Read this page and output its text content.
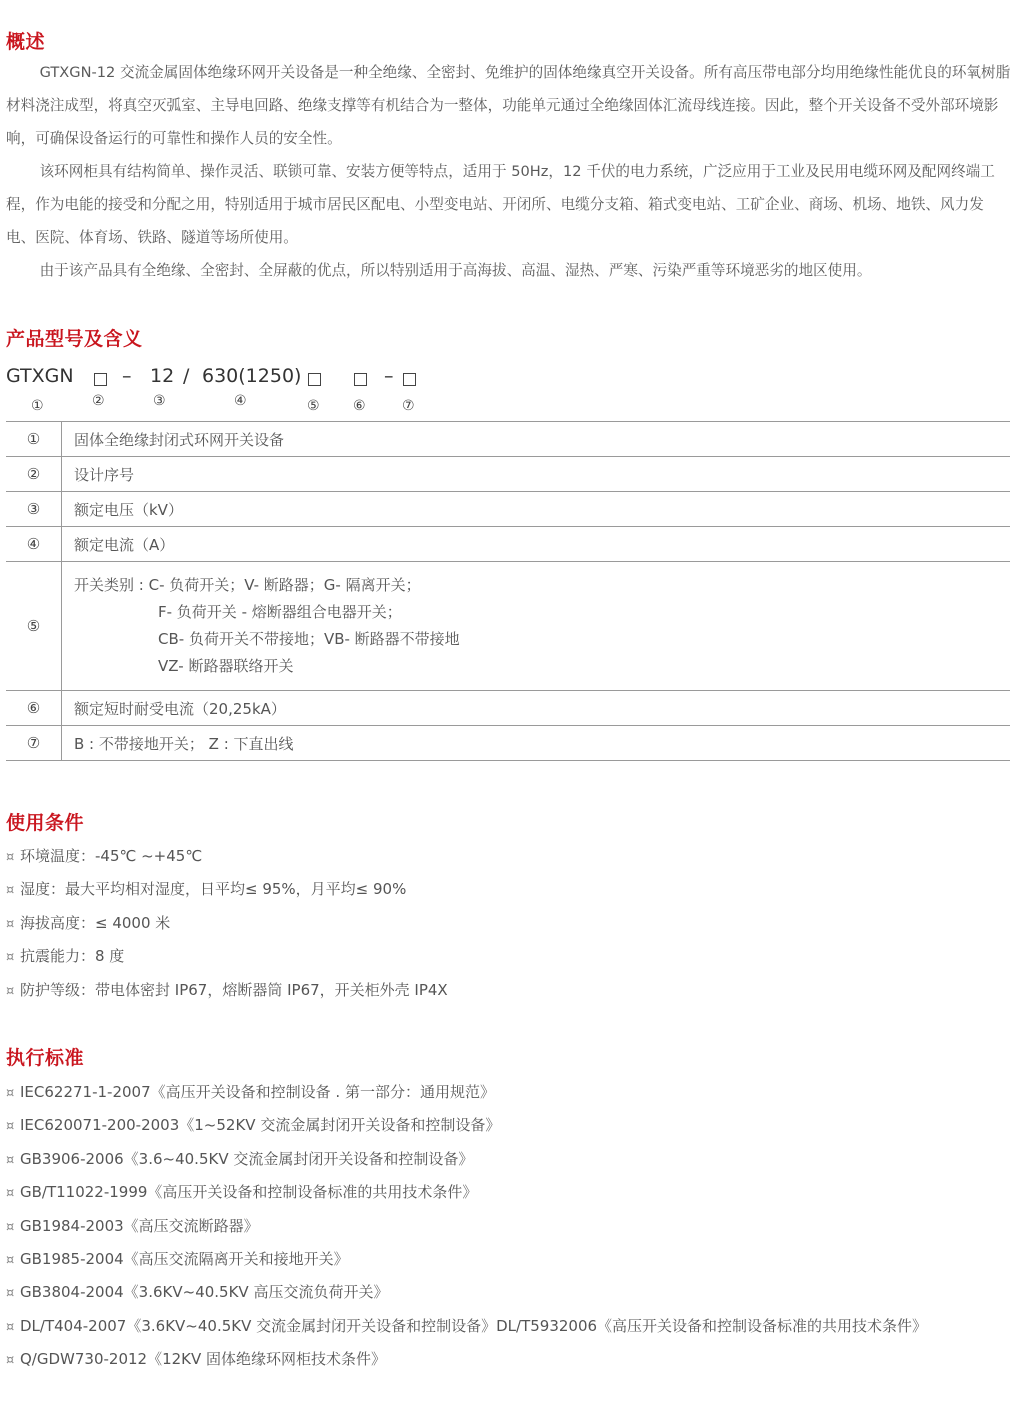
概述

GTXGN-12 交流金属固体绝缘环网开关设备是一种全绝缘、全密封、免维护的固体绝缘真空开关设备。所有高压带电部分均用绝缘性能优良的环氧树脂材料浇注成型，将真空灭弧室、主导电回路、绝缘支撑等有机结合为一整体，功能单元通过全绝缘固体汇流母线连接。因此，整个开关设备不受外部环境影响，可确保设备运行的可靠性和操作人员的安全性。

该环网柜具有结构简单、操作灵活、联锁可靠、安装方便等特点，适用于 50Hz，12 千伏的电力系统，广泛应用于工业及民用电缆环网及配网终端工程，作为电能的接受和分配之用，特别适用于城市居民区配电、小型变电站、开闭所、电缆分支箱、箱式变电站、工矿企业、商场、机场、地铁、风力发电、医院、体育场、铁路、隧道等场所使用。

由于该产品具有全绝缘、全密封、全屏蔽的优点，所以特别适用于高海拔、高温、湿热、严寒、污染严重等环境恶劣的地区使用。

产品型号及含义
GTXGN	– 12 / 630(1250)	–
①	②	③	④	⑤ ⑥	⑦
①	固体全绝缘封闭式环网开关设备
②	设计序号
③	额定电压（kV）
④	额定电流（A）
⑤	开关类别 : C- 负荷开关；V- 断路器；G- 隔离开关；
F- 负荷开关 - 熔断器组合电器开关；
CB- 负荷开关不带接地；VB- 断路器不带接地
VZ- 断路器联络开关

⑥	额定短时耐受电流（20,25kA）
⑦	B : 不带接地开关； Z : 下直出线
使用条件
¤ 环境温度：-45℃ ~+45℃
¤ 湿度：最大平均相对湿度，日平均≤ 95%，月平均≤ 90%
¤ 海拔高度：≤ 4000 米
¤ 抗震能力：8 度
¤ 防护等级：带电体密封 IP67，熔断器筒 IP67，开关柜外壳 IP4X
执行标准
¤ IEC62271-1-2007《高压开关设备和控制设备 . 第一部分：通用规范》
¤ IEC620071-200-2003《1~52KV 交流金属封闭开关设备和控制设备》
¤ GB3906-2006《3.6~40.5KV 交流金属封闭开关设备和控制设备》
¤ GB/T11022-1999《高压开关设备和控制设备标准的共用技术条件》
¤ GB1984-2003《高压交流断路器》
¤ GB1985-2004《高压交流隔离开关和接地开关》
¤ GB3804-2004《3.6KV~40.5KV 高压交流负荷开关》
¤ DL/T404-2007《3.6KV~40.5KV 交流金属封闭开关设备和控制设备》DL/T5932006《高压开关设备和控制设备标准的共用技术条件》
¤ Q/GDW730-2012《12KV 固体绝缘环网柜技术条件》
